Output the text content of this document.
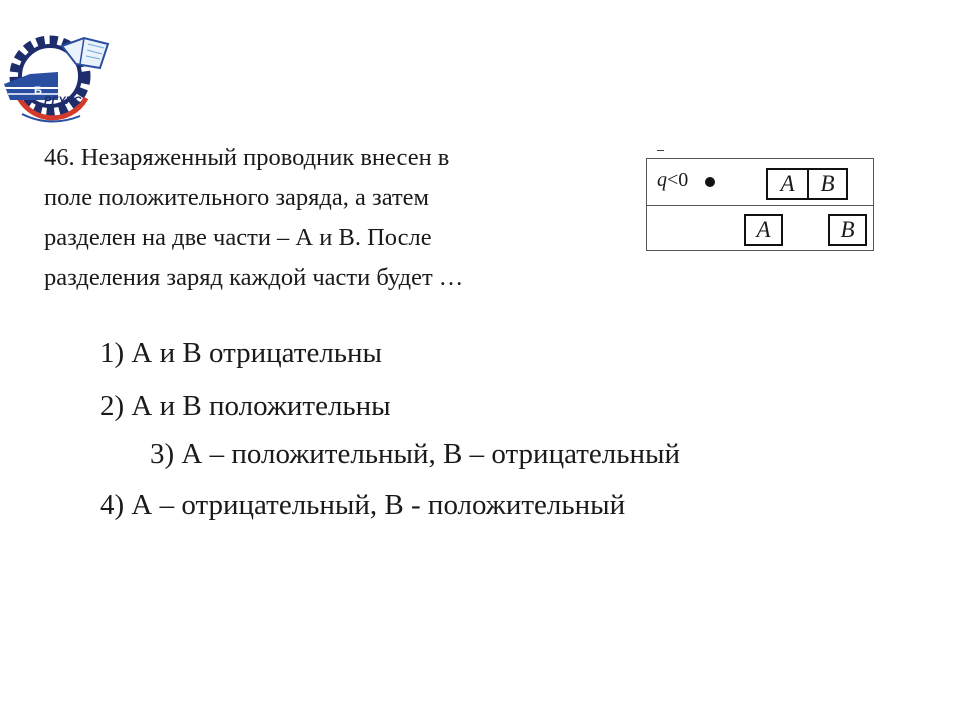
Б
РГУПС
46. Незаряженный проводник внесен в
поле положительного заряда, а затем
разделен на две части – А и В. После
разделения заряд каждой части будет …
q<0	A	B
A	B

1) А и В отрицательны

2) А и В положительны

3) А – положительный, В – отрицательный

4) А – отрицательный, В - положительный
